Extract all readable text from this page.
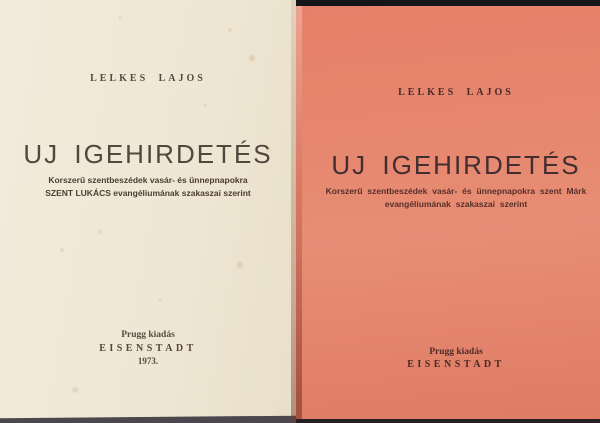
LELKES LAJOS
UJ IGEHIRDETÉS
Korszerű szentbeszédek vasár- és ünnepnapokra
SZENT LUKÁCS evangéliumának szakaszai szerint
Prugg kiadás
EISENSTADT
1973.
LELKES LAJOS
UJ IGEHIRDETÉS
Korszerű szentbeszédek vasár- és ünnepnapokra szent Márk
evangéliumának szakaszai szerint
Prugg kiadás
EISENSTADT
